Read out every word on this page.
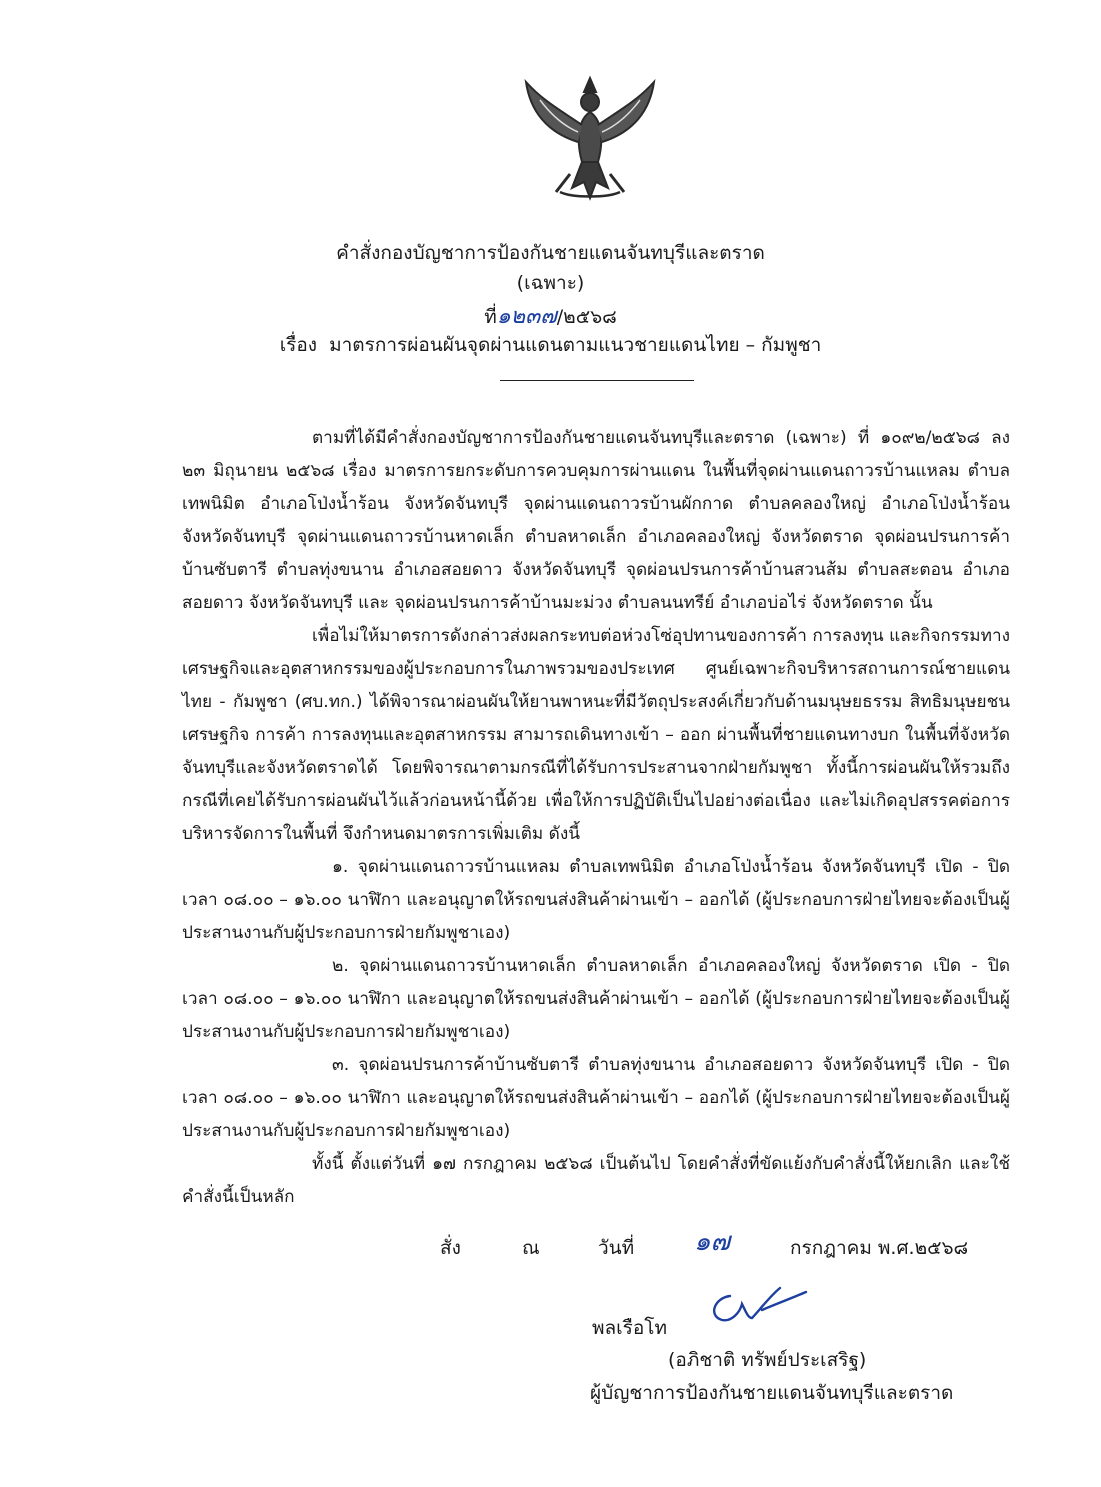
คำสั่งกองบัญชาการป้องกันชายแดนจันทบุรีและตราด
(เฉพาะ)
ที่๑๒๓๗/๒๕๖๘
เรื่อง มาตรการผ่อนผันจุดผ่านแดนตามแนวชายแดนไทย – กัมพูชา

ตามที่ได้มีคำสั่งกองบัญชาการป้องกันชายแดนจันทบุรีและตราด (เฉพาะ) ที่ ๑๐๙๒/๒๕๖๘ ลง ๒๓ มิถุนายน ๒๕๖๘ เรื่อง มาตรการยกระดับการควบคุมการผ่านแดน ในพื้นที่จุดผ่านแดนถาวรบ้านแหลม ตำบลเทพนิมิต อำเภอโป่งน้ำร้อน จังหวัดจันทบุรี จุดผ่านแดนถาวรบ้านผักกาด ตำบลคลองใหญ่ อำเภอโป่งน้ำร้อน จังหวัดจันทบุรี จุดผ่านแดนถาวรบ้านหาดเล็ก ตำบลหาดเล็ก อำเภอคลองใหญ่ จังหวัดตราด จุดผ่อนปรนการค้าบ้านซับตารี ตำบลทุ่งขนาน อำเภอสอยดาว จังหวัดจันทบุรี จุดผ่อนปรนการค้าบ้านสวนส้ม ตำบลสะตอน อำเภอสอยดาว จังหวัดจันทบุรี และ จุดผ่อนปรนการค้าบ้านมะม่วง ตำบลนนทรีย์ อำเภอบ่อไร่ จังหวัดตราด นั้น

เพื่อไม่ให้มาตรการดังกล่าวส่งผลกระทบต่อห่วงโซ่อุปทานของการค้า การลงทุน และกิจกรรมทางเศรษฐกิจและอุตสาหกรรมของผู้ประกอบการในภาพรวมของประเทศ ศูนย์เฉพาะกิจบริหารสถานการณ์ชายแดนไทย - กัมพูชา (ศบ.ทก.) ได้พิจารณาผ่อนผันให้ยานพาหนะที่มีวัตถุประสงค์เกี่ยวกับด้านมนุษยธรรม สิทธิมนุษยชน เศรษฐกิจ การค้า การลงทุนและอุตสาหกรรม สามารถเดินทางเข้า – ออก ผ่านพื้นที่ชายแดนทางบก ในพื้นที่จังหวัดจันทบุรีและจังหวัดตราดได้ โดยพิจารณาตามกรณีที่ได้รับการประสานจากฝ่ายกัมพูชา ทั้งนี้การผ่อนผันให้รวมถึงกรณีที่เคยได้รับการผ่อนผันไว้แล้วก่อนหน้านี้ด้วย เพื่อให้การปฏิบัติเป็นไปอย่างต่อเนื่อง และไม่เกิดอุปสรรคต่อการบริหารจัดการในพื้นที่ จึงกำหนดมาตรการเพิ่มเติม ดังนี้

๑. จุดผ่านแดนถาวรบ้านแหลม ตำบลเทพนิมิต อำเภอโป่งน้ำร้อน จังหวัดจันทบุรี เปิด - ปิด เวลา ๐๘.๐๐ – ๑๖.๐๐ นาฬิกา และอนุญาตให้รถขนส่งสินค้าผ่านเข้า – ออกได้ (ผู้ประกอบการฝ่ายไทยจะต้องเป็นผู้ประสานงานกับผู้ประกอบการฝ่ายกัมพูชาเอง)

๒. จุดผ่านแดนถาวรบ้านหาดเล็ก ตำบลหาดเล็ก อำเภอคลองใหญ่ จังหวัดตราด เปิด - ปิด เวลา ๐๘.๐๐ – ๑๖.๐๐ นาฬิกา และอนุญาตให้รถขนส่งสินค้าผ่านเข้า – ออกได้ (ผู้ประกอบการฝ่ายไทยจะต้องเป็นผู้ประสานงานกับผู้ประกอบการฝ่ายกัมพูชาเอง)

๓. จุดผ่อนปรนการค้าบ้านซับตารี ตำบลทุ่งขนาน อำเภอสอยดาว จังหวัดจันทบุรี เปิด - ปิด เวลา ๐๘.๐๐ – ๑๖.๐๐ นาฬิกา และอนุญาตให้รถขนส่งสินค้าผ่านเข้า – ออกได้ (ผู้ประกอบการฝ่ายไทยจะต้องเป็นผู้ประสานงานกับผู้ประกอบการฝ่ายกัมพูชาเอง)

ทั้งนี้ ตั้งแต่วันที่ ๑๗ กรกฎาคม ๒๕๖๘ เป็นต้นไป โดยคำสั่งที่ขัดแย้งกับคำสั่งนี้ให้ยกเลิก และใช้คำสั่งนี้เป็นหลัก

สั่ง	ณ	วันที่ ๑๗	กรกฎาคม พ.ศ.๒๕๖๘
พลเรือโท
(อภิชาติ ทรัพย์ประเสริฐ)
ผู้บัญชาการป้องกันชายแดนจันทบุรีและตราด
